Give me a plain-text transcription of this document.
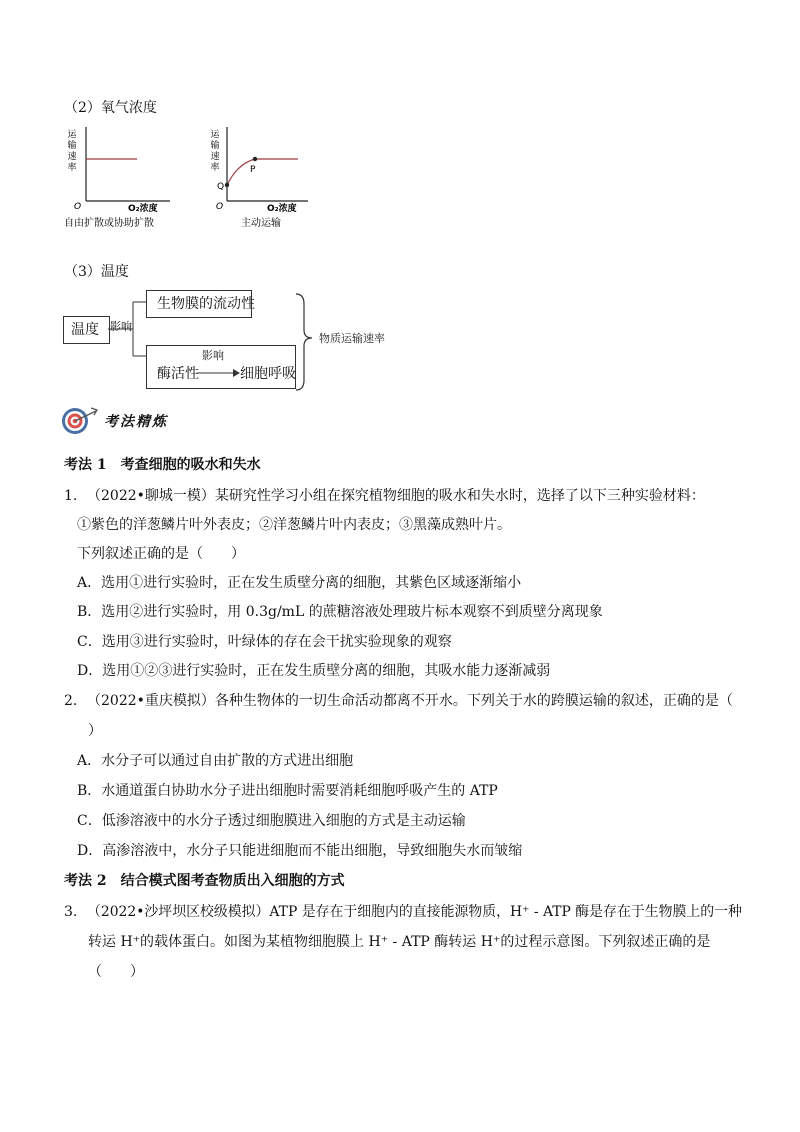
（2）氧气浓度
运
输
速
率
O	O₂浓度
自由扩散或协助扩散
运
输
速
率
Q
P
O	O₂浓度
主动运输
（3）温度
温度 影响
生物膜的流动性
酶活性
影响
细胞呼吸
物质运输速率
考法精炼
考法 1　考查细胞的吸水和失水
1. （2022•聊城一模）某研究性学习小组在探究植物细胞的吸水和失水时，选择了以下三种实验材料：
①紫色的洋葱鳞片叶外表皮；②洋葱鳞片叶内表皮；③黑藻成熟叶片。
下列叙述正确的是（　　）
A．选用①进行实验时，正在发生质壁分离的细胞，其紫色区域逐渐缩小
B．选用②进行实验时，用 0.3g/mL 的蔗糖溶液处理玻片标本观察不到质壁分离现象
C．选用③进行实验时，叶绿体的存在会干扰实验现象的观察
D．选用①②③进行实验时，正在发生质壁分离的细胞，其吸水能力逐渐减弱
2. （2022•重庆模拟）各种生物体的一切生命活动都离不开水。下列关于水的跨膜运输的叙述，正确的是（
）
A．水分子可以通过自由扩散的方式进出细胞
B．水通道蛋白协助水分子进出细胞时需要消耗细胞呼吸产生的 ATP
C．低渗溶液中的水分子透过细胞膜进入细胞的方式是主动运输
D．高渗溶液中，水分子只能进细胞而不能出细胞，导致细胞失水而皱缩
考法 2　结合模式图考查物质出入细胞的方式
3. （2022•沙坪坝区校级模拟）ATP 是存在于细胞内的直接能源物质，H⁺ - ATP 酶是存在于生物膜上的一种
转运 H⁺的载体蛋白。如图为某植物细胞膜上 H⁺ - ATP 酶转运 H⁺的过程示意图。下列叙述正确的是
（　　）
